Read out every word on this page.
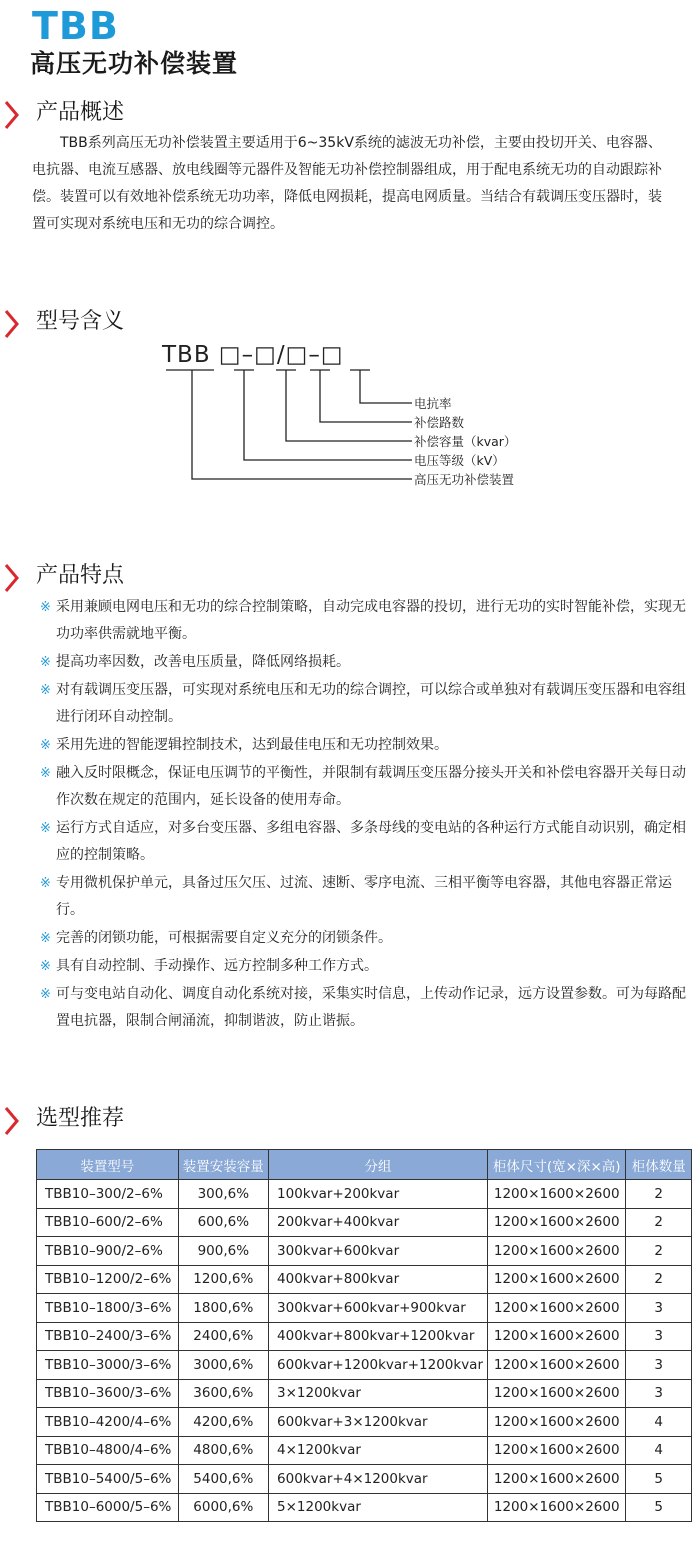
TBB
高压无功补偿装置
产品概述

TBB系列高压无功补偿装置主要适用于6~35kV系统的滤波无功补偿，主要由投切开关、电容器、电抗器、电流互感器、放电线圈等元器件及智能无功补偿控制器组成，用于配电系统无功的自动跟踪补偿。装置可以有效地补偿系统无功功率，降低电网损耗，提高电网质量。当结合有载调压变压器时，装置可实现对系统电压和无功的综合调控。

型号含义
TBB □–□/□–□
电抗率
补偿路数
补偿容量（kvar）
电压等级（kV）
高压无功补偿装置
产品特点
※ 采用兼顾电网电压和无功的综合控制策略，自动完成电容器的投切，进行无功的实时智能补偿，实现无功功率供需就地平衡。
※ 提高功率因数，改善电压质量，降低网络损耗。
※ 对有载调压变压器，可实现对系统电压和无功的综合调控，可以综合或单独对有载调压变压器和电容组进行闭环自动控制。
※ 采用先进的智能逻辑控制技术，达到最佳电压和无功控制效果。
※ 融入反时限概念，保证电压调节的平衡性，并限制有载调压变压器分接头开关和补偿电容器开关每日动作次数在规定的范围内，延长设备的使用寿命。
※ 运行方式自适应，对多台变压器、多组电容器、多条母线的变电站的各种运行方式能自动识别，确定相应的控制策略。
※ 专用微机保护单元，具备过压欠压、过流、速断、零序电流、三相平衡等电容器，其他电容器正常运行。
※ 完善的闭锁功能，可根据需要自定义充分的闭锁条件。
※ 具有自动控制、手动操作、远方控制多种工作方式。
※ 可与变电站自动化、调度自动化系统对接，采集实时信息，上传动作记录，远方设置参数。可为每路配置电抗器，限制合闸涌流，抑制谐波，防止谐振。
选型推荐
装置型号	装置安装容量	分组	柜体尺寸(宽×深×高)	柜体数量
TBB10–300/2–6%	300,6%	100kvar+200kvar	1200×1600×2600	2
TBB10–600/2–6%	600,6%	200kvar+400kvar	1200×1600×2600	2
TBB10–900/2–6%	900,6%	300kvar+600kvar	1200×1600×2600	2
TBB10–1200/2–6%	1200,6%	400kvar+800kvar	1200×1600×2600	2
TBB10–1800/3–6%	1800,6%	300kvar+600kvar+900kvar	1200×1600×2600	3
TBB10–2400/3–6%	2400,6%	400kvar+800kvar+1200kvar	1200×1600×2600	3
TBB10–3000/3–6%	3000,6%	600kvar+1200kvar+1200kvar	1200×1600×2600	3
TBB10–3600/3–6%	3600,6%	3×1200kvar	1200×1600×2600	3
TBB10–4200/4–6%	4200,6%	600kvar+3×1200kvar	1200×1600×2600	4
TBB10–4800/4–6%	4800,6%	4×1200kvar	1200×1600×2600	4
TBB10–5400/5–6%	5400,6%	600kvar+4×1200kvar	1200×1600×2600	5
TBB10–6000/5–6%	6000,6%	5×1200kvar	1200×1600×2600	5
